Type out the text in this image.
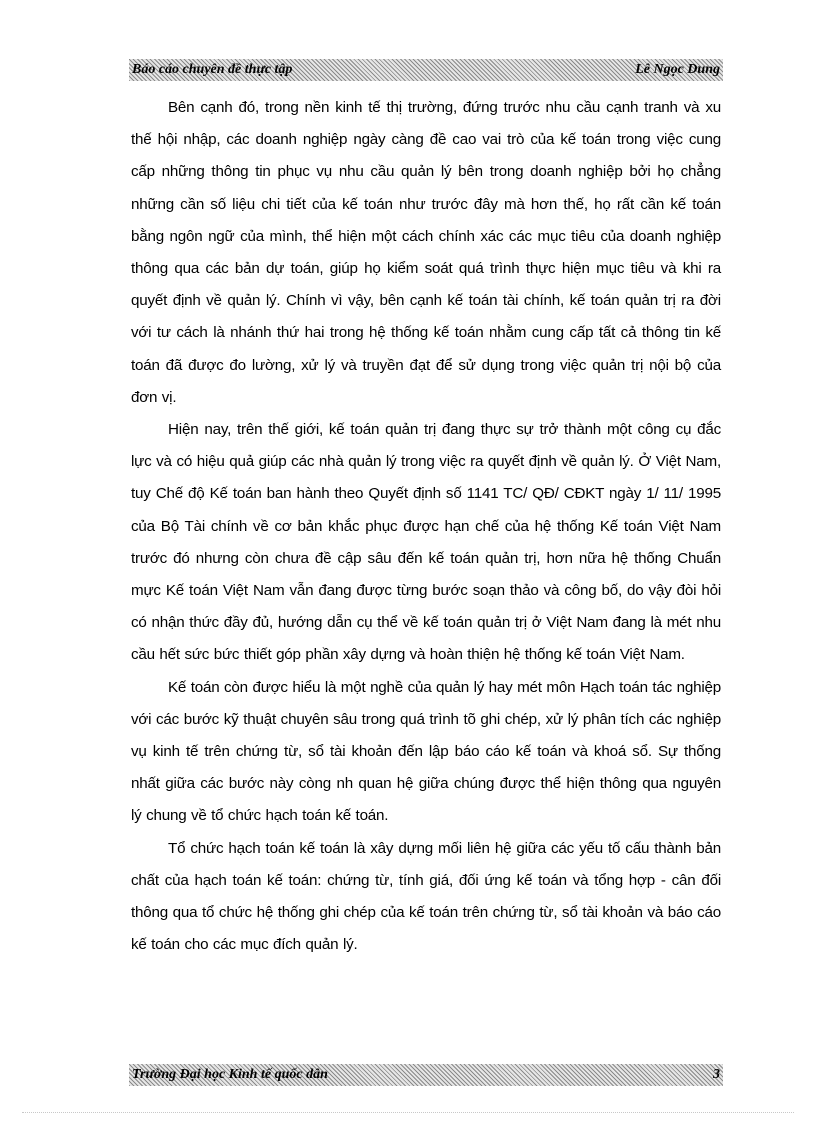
Báo cáo chuyên đề thực tập	Lê Ngọc Dung

Bên cạnh đó, trong nền kinh tế thị trường, đứng trước nhu cầu cạnh tranh và xu thế hội nhập, các doanh nghiệp ngày càng đề cao vai trò của kế toán trong việc cung cấp những thông tin phục vụ nhu cầu quản lý bên trong doanh nghiệp bởi họ chẳng những cần số liệu chi tiết của kế toán như trước đây mà hơn thế, họ rất cần kế toán bằng ngôn ngữ của mình, thể hiện một cách chính xác các mục tiêu của doanh nghiệp thông qua các bản dự toán, giúp họ kiểm soát quá trình thực hiện mục tiêu và khi ra quyết định về quản lý. Chính vì vậy, bên cạnh kế toán tài chính, kế toán quản trị ra đời với tư cách là nhánh thứ hai trong hệ thống kế toán nhằm cung cấp tất cả thông tin kế toán đã được đo lường, xử lý và truyền đạt để sử dụng trong việc quản trị nội bộ của đơn vị.

Hiện nay, trên thế giới, kế toán quản trị đang thực sự trở thành một công cụ đắc lực và có hiệu quả giúp các nhà quản lý trong việc ra quyết định về quản lý. Ở Việt Nam, tuy Chế độ Kế toán ban hành theo Quyết định số 1141 TC/ QĐ/ CĐKT ngày 1/ 11/ 1995 của Bộ Tài chính về cơ bản khắc phục được hạn chế của hệ thống Kế toán Việt Nam trước đó nhưng còn chưa đề cập sâu đến kế toán quản trị, hơn nữa hệ thống Chuẩn mực Kế toán Việt Nam vẫn đang được từng bước soạn thảo và công bố, do vậy đòi hỏi có nhận thức đầy đủ, hướng dẫn cụ thể về kế toán quản trị ở Việt Nam đang là mét nhu cầu hết sức bức thiết góp phần xây dựng và hoàn thiện hệ thống kế toán Việt Nam.

Kế toán còn được hiểu là một nghề của quản lý hay mét môn Hạch toán tác nghiệp với các bước kỹ thuật chuyên sâu trong quá trình tõ ghi chép, xử lý phân tích các nghiệp vụ kinh tế trên chứng từ, sổ tài khoản đến lập báo cáo kế toán và khoá sổ. Sự thống nhất giữa các bước này còng nh quan hệ giữa chúng được thể hiện thông qua nguyên lý chung về tổ chức hạch toán kế toán.

Tổ chức hạch toán kế toán là xây dựng mối liên hệ giữa các yếu tố cấu thành bản chất của hạch toán kế toán: chứng từ, tính giá, đối ứng kế toán và tổng hợp - cân đối thông qua tổ chức hệ thống ghi chép của kế toán trên chứng từ, sổ tài khoản và báo cáo kế toán cho các mục đích quản lý.

Trường Đại học Kinh tế quốc dân	3
